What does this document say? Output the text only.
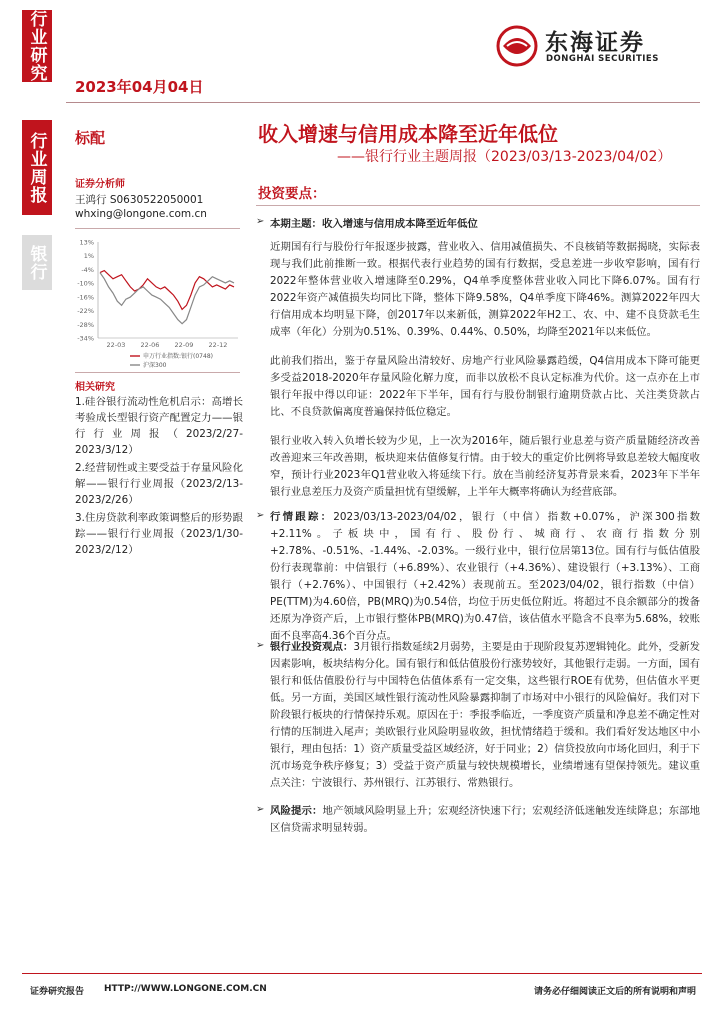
行业研究
行业周报
银行
2023年04月04日
东海证券
DONGHAI SECURITIES
标配
证券分析师
王鸿行 S0630522050001
whxing@longone.com.cn
13%
1%
-4%
-10%
-16%
-22%
-28%
-34%
22-03 22-06 22-09 22-12
申万行业指数:银行(0748)
沪深300
相关研究
1.硅谷银行流动性危机启示：高增长考验成长型银行资产配置定力——银行行业周报（2023/2/27-2023/3/12）
2.经营韧性或主要受益于存量风险化解——银行行业周报（2023/2/13-2023/2/26）
3.住房贷款利率政策调整后的形势跟踪——银行行业周报（2023/1/30-2023/2/12）
收入增速与信用成本降至近年低位
——银行行业主题周报（2023/03/13-2023/04/02）
投资要点：
➢ 本期主题：收入增速与信用成本降至近年低位

近期国有行与股份行年报逐步披露，营业收入、信用减值损失、不良核销等数据揭晓，实际表现与我们此前推断一致。根据代表行业趋势的国有行数据，受息差进一步收窄影响，国有行2022年整体营业收入增速降至0.29%，Q4单季度整体营业收入同比下降6.07%。国有行2022年资产减值损失均同比下降，整体下降9.58%，Q4单季度下降46%。测算2022年四大行信用成本均明显下降，创2017年以来新低，测算2022年H2工、农、中、建不良贷款毛生成率（年化）分别为0.51%、0.39%、0.44%、0.50%，均降至2021年以来低位。

此前我们指出，鉴于存量风险出清较好、房地产行业风险暴露趋缓，Q4信用成本下降可能更多受益2018-2020年存量风险化解力度，而非以放松不良认定标准为代价。这一点亦在上市银行年报中得以印证：2022年下半年，国有行与股份制银行逾期贷款占比、关注类贷款占比、不良贷款偏离度普遍保持低位稳定。

银行业收入转入负增长较为少见，上一次为2016年，随后银行业息差与资产质量随经济改善改善迎来三年改善期，板块迎来估值修复行情。由于较大的重定价比例将导致息差较大幅度收窄，预计行业2023年Q1营业收入将延续下行。放在当前经济复苏背景来看，2023年下半年银行业息差压力及资产质量担忧有望缓解，上半年大概率将确认为经营底部。

➢ 行情跟踪：2023/03/13-2023/04/02，银行（中信）指数+0.07%，沪深300指数+2.11%。子板块中，国有行、股份行、城商行、农商行指数分别+2.78%、-0.51%、-1.44%、-2.03%。一级行业中，银行位居第13位。国有行与低估值股份行表现靠前：中信银行（+6.89%）、农业银行（+4.36%）、建设银行（+3.13%）、工商银行（+2.76%）、中国银行（+2.42%）表现前五。至2023/04/02，银行指数（中信）PE(TTM)为4.60倍，PB(MRQ)为0.54倍，均位于历史低位附近。将超过不良余额部分的拨备还原为净资产后，上市银行整体PB(MRQ)为0.47倍，该估值水平隐含不良率为5.68%，较账面不良率高4.36个百分点。

➢ 银行业投资观点：3月银行指数延续2月弱势，主要是由于现阶段复苏逻辑钝化。此外，受新发因素影响，板块结构分化。国有银行和低估值股份行涨势较好，其他银行走弱。一方面，国有银行和低估值股份行与中国特色估值体系有一定交集，这些银行ROE有优势，但估值水平更低。另一方面，美国区域性银行流动性风险暴露抑制了市场对中小银行的风险偏好。我们对下阶段银行板块的行情保持乐观。原因在于：季报季临近，一季度资产质量和净息差不确定性对行情的压制进入尾声；美欧银行业风险明显收敛，担忧情绪趋于缓和。我们看好发达地区中小银行，理由包括：1）资产质量受益区域经济，好于同业；2）信贷投放向市场化回归，利于下沉市场竞争秩序修复；3）受益于资产质量与较快规模增长，业绩增速有望保持领先。建议重点关注：宁波银行、苏州银行、江苏银行、常熟银行。

➢ 风险提示：地产领域风险明显上升；宏观经济快速下行；宏观经济低迷触发连续降息；东部地区信贷需求明显转弱。

证券研究报告 HTTP://WWW.LONGONE.COM.CN	请务必仔细阅读正文后的所有说明和声明
